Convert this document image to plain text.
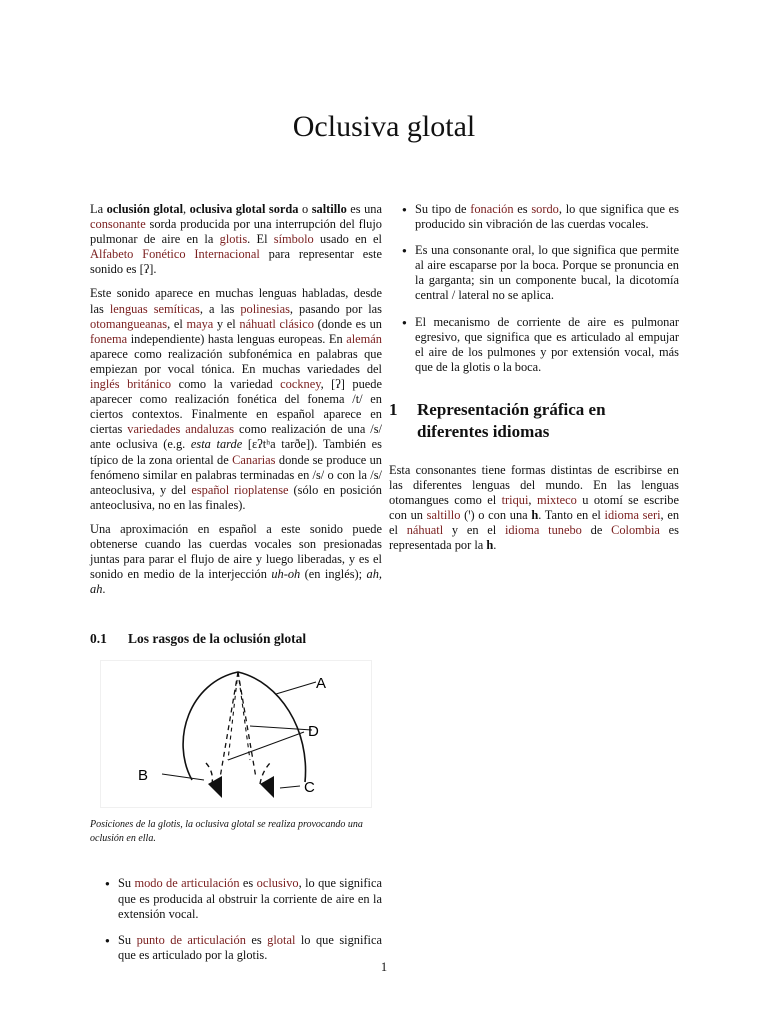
Oclusiva glotal

La oclusión glotal, oclusiva glotal sorda o saltillo es una consonante sorda producida por una interrupción del flujo pulmonar de aire en la glotis. El símbolo usado en el Alfabeto Fonético Internacional para representar este sonido es [ʔ].

Este sonido aparece en muchas lenguas habladas, desde las lenguas semíticas, a las polinesias, pasando por las otomangueanas, el maya y el náhuatl clásico (donde es un fonema independiente) hasta lenguas europeas. En alemán aparece como realización subfonémica en palabras que empiezan por vocal tónica. En muchas variedades del inglés británico como la variedad cockney, [ʔ] puede aparecer como realización fonética del fonema /t/ en ciertos contextos. Finalmente en español aparece en ciertas variedades andaluzas como realización de una /s/ ante oclusiva (e.g. esta tarde [ɛʔtʰa tarðe]). También es típico de la zona oriental de Canarias donde se produce un fenómeno similar en palabras terminadas en /s/ o con la /s/ anteoclusiva, y del español rioplatense (sólo en posición anteoclusiva, no en las finales).

Una aproximación en español a este sonido puede obtenerse cuando las cuerdas vocales son presionadas juntas para parar el flujo de aire y luego liberadas, y es el sonido en medio de la interjección uh-oh (en inglés); ah, ah.

0.1	Los rasgos de la oclusión glotal
A
D
B
C
Posiciones de la glotis, la oclusiva glotal se realiza provocando una oclusión en ella.
● Su modo de articulación es oclusivo, lo que significa que es producida al obstruir la corriente de aire en la extensión vocal.
● Su punto de articulación es glotal lo que significa que es articulado por la glotis.
● Su tipo de fonación es sordo, lo que significa que es producido sin vibración de las cuerdas vocales.
● Es una consonante oral, lo que significa que permite al aire escaparse por la boca. Porque se pronuncia en la garganta; sin un componente bucal, la dicotomía central / lateral no se aplica.
● El mecanismo de corriente de aire es pulmonar egresivo, que significa que es articulado al empujar el aire de los pulmones y por extensión vocal, más que de la glotis o la boca.
1	Representación gráfica en diferentes idiomas

Esta consonantes tiene formas distintas de escribirse en las diferentes lenguas del mundo. En las lenguas otomangues como el triqui, mixteco u otomí se escribe con un saltillo (ꞌ) o con una h. Tanto en el idioma seri, en el náhuatl y en el idioma tunebo de Colombia es representada por la h.

1
